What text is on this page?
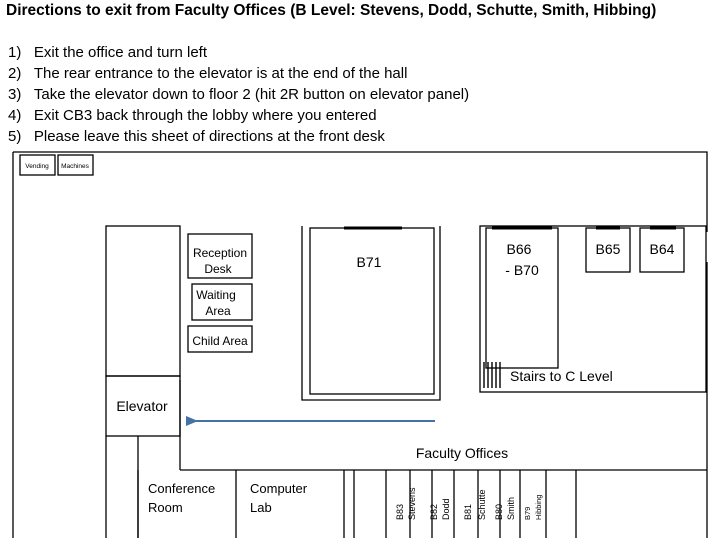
Directions to exit from Faculty Offices (B Level: Stevens, Dodd, Schutte, Smith, Hibbing)
1) Exit the office and turn left
2) The rear entrance to the elevator is at the end of the hall
3) Take the elevator down to floor 2 (hit 2R button on elevator panel)
4) Exit CB3 back through the lobby where you entered
5) Please leave this sheet of directions at the front desk
Vending Machines
Reception
Desk
Waiting
Area
Child Area
B71
B66
- B70
B65 B64
Stairs to C Level
Elevator
Faculty Offices
Conference
Room
Computer
Lab	B83 Stevens B82 Dodd B81 Schutte B80 Smith B79 Hibbing
